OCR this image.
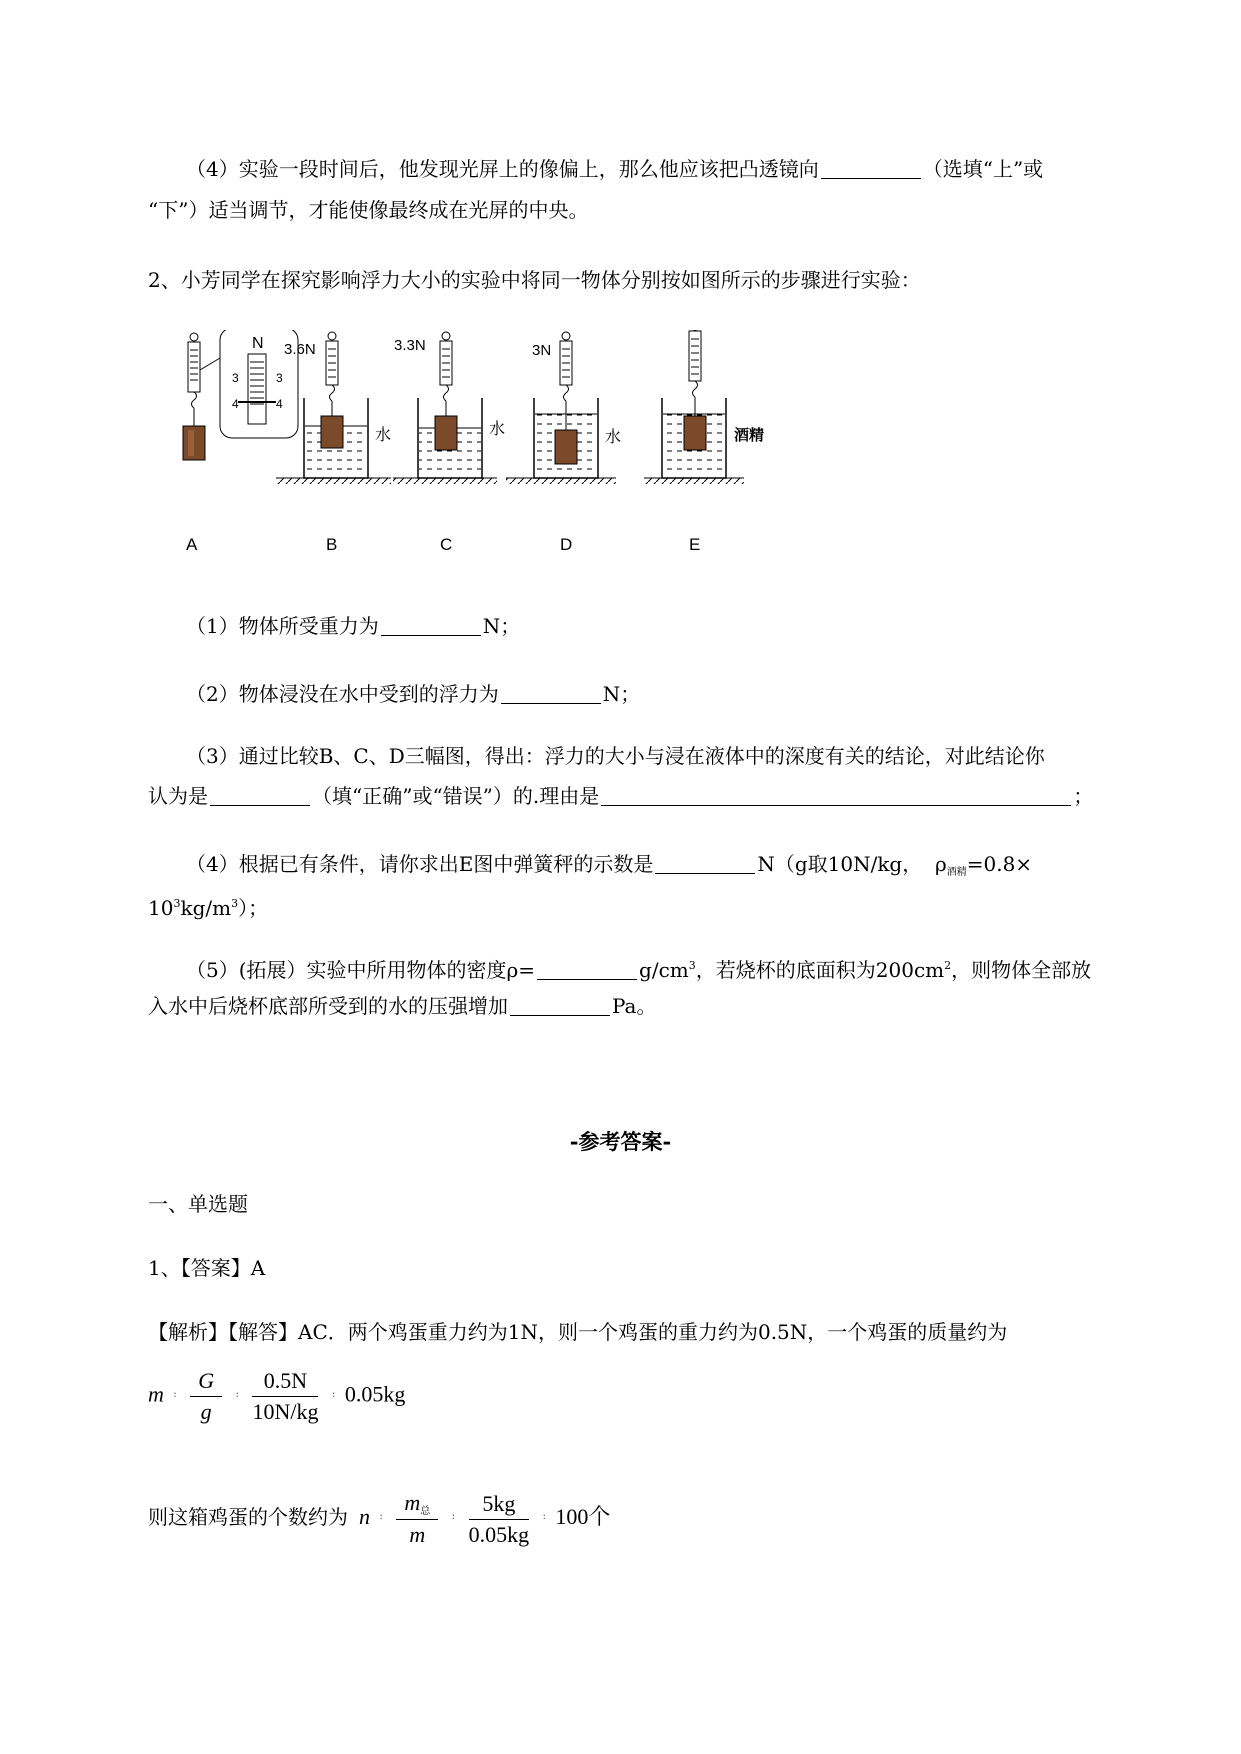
（4）实验一段时间后，他发现光屏上的像偏上，那么他应该把凸透镜向	（选填“上”或
“下”）适当调节，才能使像最终成在光屏的中央。
2、小芳同学在探究影响浮力大小的实验中将同一物体分别按如图所示的步骤进行实验：
N
3
4
3
4
A
3.6N
水
B
3.3N
水
C
3N
水
D
酒精
E
（1）物体所受重力为	N；
（2）物体浸没在水中受到的浮力为	N；
（3）通过比较B、C、D三幅图，得出：浮力的大小与浸在液体中的深度有关的结论，对此结论你
认为是	（填“正确”或“错误”）的.理由是	；
（4）根据已有条件，请你求出E图中弹簧秤的示数是	N（g取10N/kg， $\rho_{酒精}=0.8\times$
$10^3kg/m^3$）；
（5）(拓展）实验中所用物体的密度ρ=	$g/cm^3$，若烧杯的底面积为$200cm^2$，则物体全部放
入水中后烧杯底部所受到的水的压强增加	Pa。
-参考答案-
一、单选题
1、【答案】A
【解析】【解答】AC．两个鸡蛋重力约为1N，则一个鸡蛋的重力约为0.5N，一个鸡蛋的质量约为
m ꞉ $\frac{G}{g}$ ꞉ $\frac{0.5N}{10N/kg}$ ꞉ 0.05kg
则这箱鸡蛋的个数约为 n ꞉ $\frac{m_总}{m}$ ꞉ $\frac{5kg}{0.05kg}$ ꞉ 100个
